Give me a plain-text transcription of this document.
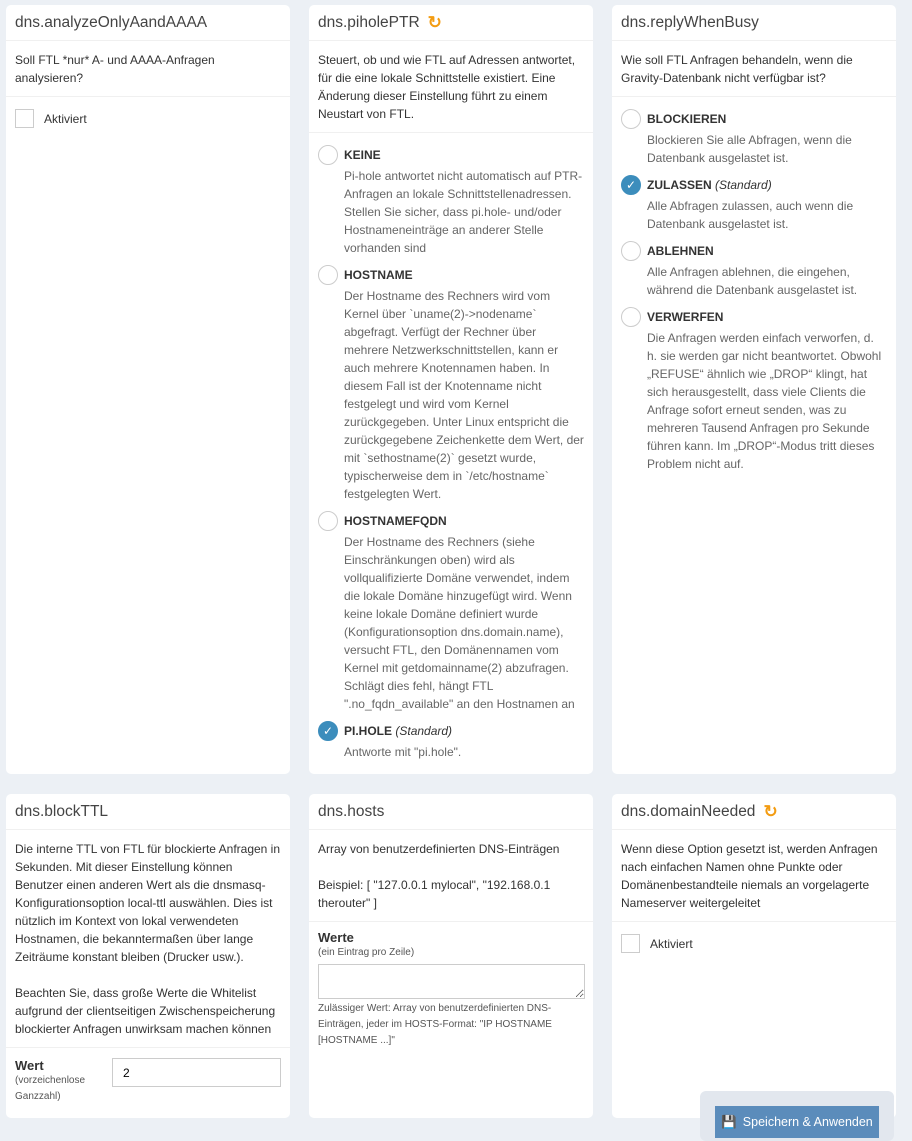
dns.analyzeOnlyAandAAAA

Soll FTL *nur* A- und AAAA-Anfragen analysieren?

Aktiviert
dns.piholePTR ↻

Steuert, ob und wie FTL auf Adressen antwortet, für die eine lokale Schnittstelle existiert. Eine Änderung dieser Einstellung führt zu einem Neustart von FTL.

KEINE
Pi-hole antwortet nicht automatisch auf PTR-Anfragen an lokale Schnittstellenadressen. Stellen Sie sicher, dass pi.hole- und/oder Hostnameneinträge an anderer Stelle vorhanden sind
HOSTNAME
Der Hostname des Rechners wird vom Kernel über `uname(2)->nodename` abgefragt. Verfügt der Rechner über mehrere Netzwerkschnittstellen, kann er auch mehrere Knotennamen haben. In diesem Fall ist der Knotenname nicht festgelegt und wird vom Kernel zurückgegeben. Unter Linux entspricht die zurückgegebene Zeichenkette dem Wert, der mit `sethostname(2)` gesetzt wurde, typischerweise dem in `/etc/hostname` festgelegten Wert.
HOSTNAMEFQDN
Der Hostname des Rechners (siehe Einschränkungen oben) wird als vollqualifizierte Domäne verwendet, indem die lokale Domäne hinzugefügt wird. Wenn keine lokale Domäne definiert wurde (Konfigurationsoption dns.domain.name), versucht FTL, den Domänennamen vom Kernel mit getdomainname(2) abzufragen. Schlägt dies fehl, hängt FTL ".no_fqdn_available" an den Hostnamen an
✓ PI.HOLE (Standard)
Antworte mit "pi.hole".
dns.replyWhenBusy

Wie soll FTL Anfragen behandeln, wenn die Gravity-Datenbank nicht verfügbar ist?

BLOCKIEREN
Blockieren Sie alle Abfragen, wenn die Datenbank ausgelastet ist.
✓ ZULASSEN (Standard)
Alle Abfragen zulassen, auch wenn die Datenbank ausgelastet ist.
ABLEHNEN
Alle Anfragen ablehnen, die eingehen, während die Datenbank ausgelastet ist.
VERWERFEN
Die Anfragen werden einfach verworfen, d. h. sie werden gar nicht beantwortet. Obwohl „REFUSE“ ähnlich wie „DROP“ klingt, hat sich herausgestellt, dass viele Clients die Anfrage sofort erneut senden, was zu mehreren Tausend Anfragen pro Sekunde führen kann. Im „DROP“-Modus tritt dieses Problem nicht auf.
dns.blockTTL

Die interne TTL von FTL für blockierte Anfragen in Sekunden. Mit dieser Einstellung können Benutzer einen anderen Wert als die dnsmasq-Konfigurationsoption local-ttl auswählen. Dies ist nützlich im Kontext von lokal verwendeten Hostnamen, die bekanntermaßen über lange Zeiträume konstant bleiben (Drucker usw.).

Beachten Sie, dass große Werte die Whitelist aufgrund der clientseitigen Zwischenspeicherung blockierter Anfragen unwirksam machen können

Wert
(vorzeichenlose Ganzzahl)
2
dns.hosts

Array von benutzerdefinierten DNS-Einträgen

Beispiel: [ "127.0.0.1 mylocal", "192.168.0.1 therouter" ]

Werte
(ein Eintrag pro Zeile)
Zulässiger Wert: Array von benutzerdefinierten DNS-Einträgen, jeder im HOSTS-Format: "IP HOSTNAME [HOSTNAME ...]"
dns.domainNeeded ↻

Wenn diese Option gesetzt ist, werden Anfragen nach einfachen Namen ohne Punkte oder Domänenbestandteile niemals an vorgelagerte Nameserver weitergeleitet

Aktiviert
💾 Speichern & Anwenden
